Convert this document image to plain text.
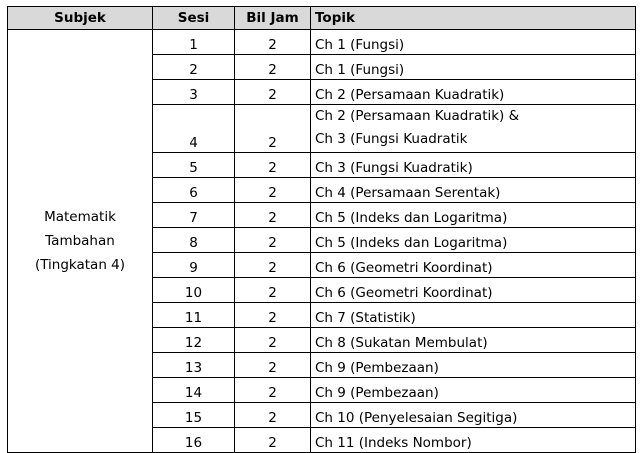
Subjek	Sesi	Bil Jam	Topik

Matematik
Tambahan
(Tingkatan 4)	1	2	Ch 1 (Fungsi)
	2	2	Ch 1 (Fungsi)
	3	2	Ch 2 (Persamaan Kuadratik)
	4	2	Ch 2 (Persamaan Kuadratik) &
Ch 3 (Fungsi Kuadratik

	5	2	Ch 3 (Fungsi Kuadratik)
	6	2	Ch 4 (Persamaan Serentak)
	7	2	Ch 5 (Indeks dan Logaritma)
	8	2	Ch 5 (Indeks dan Logaritma)
	9	2	Ch 6 (Geometri Koordinat)
	10	2	Ch 6 (Geometri Koordinat)
	11	2	Ch 7 (Statistik)
	12	2	Ch 8 (Sukatan Membulat)
	13	2	Ch 9 (Pembezaan)
	14	2	Ch 9 (Pembezaan)
	15	2	Ch 10 (Penyelesaian Segitiga)
	16	2	Ch 11 (Indeks Nombor)
